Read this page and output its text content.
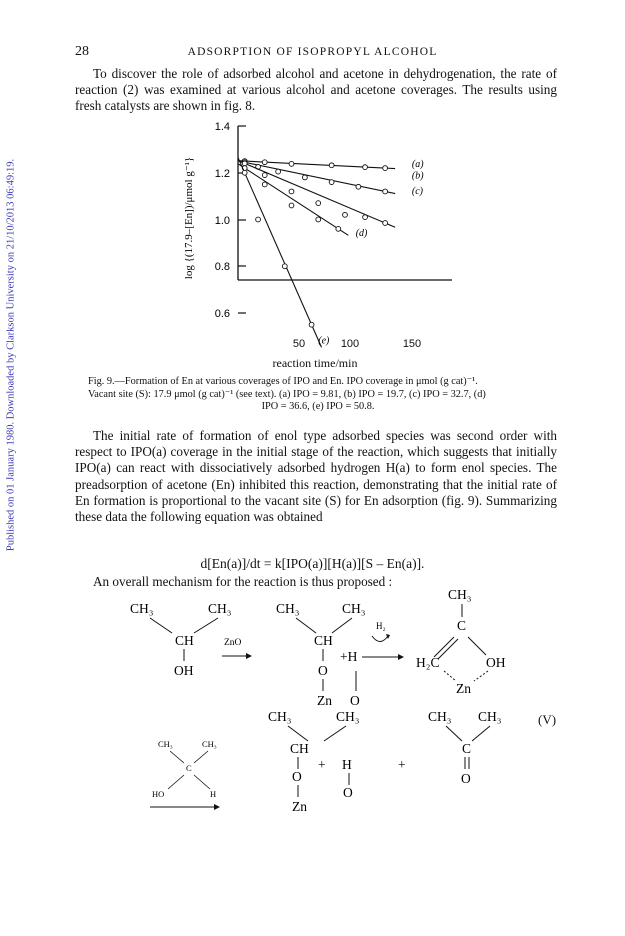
28	ADSORPTION OF ISOPROPYL ALCOHOL
Published on 01 January 1980. Downloaded by Clarkson University on 21/10/2013 06:49:19.
To discover the role of adsorbed alcohol and acetone in dehydrogenation, the rate of reaction (2) was examined at various alcohol and acetone coverages. The results using fresh catalysts are shown in fig. 8.
1.4
1.2
1.0
0.8
0.6
log {(17.9–[En])/μmol g⁻¹}	(a)
(b)
(c)
(d)
(e)
50	100	150
reaction time/min
Fig. 9.—Formation of En at various coverages of IPO and En. IPO coverage in μmol (g cat)⁻¹.
Vacant site (S): 17.9 μmol (g cat)⁻¹ (see text). (a) IPO = 9.81, (b) IPO = 19.7, (c) IPO = 32.7, (d)
IPO = 36.6, (e) IPO = 50.8.
The initial rate of formation of enol type adsorbed species was second order with respect to IPO(a) coverage in the initial stage of the reaction, which suggests that initially IPO(a) can react with dissociatively adsorbed hydrogen H(a) to form enol species. The preadsorption of acetone (En) inhibited this reaction, demonstrating that the initial rate of En formation is proportional to the vacant site (S) for En adsorption (fig. 9). Summarizing these data the following equation was obtained
d[En(a)]/dt = k[IPO(a)][H(a)][S – En(a)].
An overall mechanism for the reaction is thus proposed :
CH₃	CH₃
CH
OH
ZnO
CH₃	CH₃
CH
O
Zn
+H
O
H₂
CH₃
C
H₂C	OH
Zn
CH₃	CH₃
CH
O
Zn
+ H
O
+
CH₃ CH₃
C
O
CH₃	CH₃
C
HO	H
(V)
